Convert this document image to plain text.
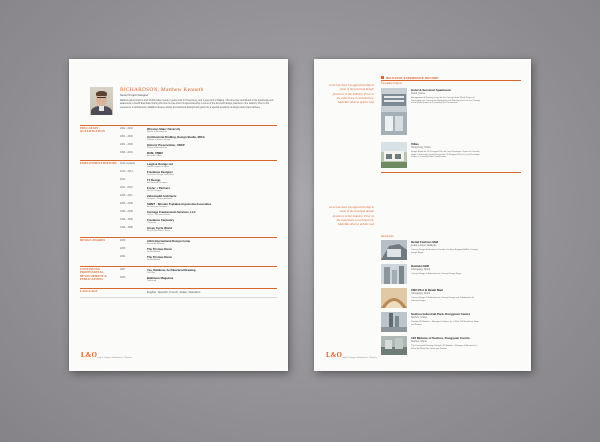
RICHARDSON, Matthew Kenneth
Senior Project Designer
Matthew joined L&O in April of 2014 after nearly 3 years work in Hong Kong, and 1 year prior in Beijing. This time has contributed to his knowledge and awareness in South East Asia. During this time he has done his apprenticeship in some of the foremost design practices in the industry. Prior to his experience in architecture, Matt/Rex diverse artistic and technical background gives him a special sensitivity to design and project delivery.
EDUCATION / QUALIFICATION
2002 - 2004	Wroxton State University
Master of Architecture
2001 - 2003	Architectural Drafting, Design Studio, MICA
College of Interior Design
2001 - 2003	Historic Preservation, UNCP
School of Architecture
1996 - 2001	RAM, UMBC
Bachelor of Arts
EMPLOYMENT HISTORY	2014 onwards	Leigh & Orange Ltd
Senior Project Designer
2013 - 2014	Freelance Designer
Freelance Design Consultant
2013	TJ Design
Architectural Designer
2011 - 2013	Foster + Partners
Senior Designer
2008 - 2011	Zaha Hadid Architects
Designer / Project Architect
2006 - 2008	SWBT - Wooten Tsykalua Argomsma Associates
Architectural Designer
1999 - 2006	Carnage Frankenstein Services, LLC
Owner / Creative Director
1996 - 1999	Freelance Carpentry
Carpenter
1996 - 1998	Green Cycle World
Bicycle Mechanic / Sales
DESIGN AWARDS	2006	AIGA International Design Comp
Honorable Mention
2005	The Thomas Dixon
Finalist Award
2004	The Thomas Dixon
Finalist Award
CONTINUING PROFESSIONAL DEVELOPMENT & PUBLICATIONS
2007	Yes, Rainbow, Architectural Drawing
1st Prize
2006	Baltimore Magazine
Published
LANGUAGE	English, Spanish, French, Italian, Mandarin
L&O Leigh & Orange Ltd. Architects · Planners
RELEVANT EXPERIENCE RECORD
as he has done his apprenticeship in some of the foremost design practices in the industry. Prior to his experience in architecture, Matt/Rex diverse artistic and
Hospitality Projects
Hotel & Serviced Apartment
Seoul, Korea
Management of Planning issues for the Concept of the Whole Project of Proceeding into Construction Management of Planning issues for the Concept of the Whole Project of Proceeding into Construction.
Villas
Hong Kong, China
Design Studio for CD Designed Plan for Local Developer. Project to Currently Under Construction Issued Design Set CD Designed Plan for Local Developer. Project is Currently Under Construction.
as he has done his apprenticeship in some of the foremost design practices in the industry. Prior to his experience in architecture, Matt/Rex diverse artistic and
Residential
Retail Fashion Mall
Kuala Lumpur, Malaysia
Concept Design Evaluation for Facade of a New Shopping Mall for Concept Design Stage.
Daxiabi CBD
Chongqing, China
Concept Design Collaboration for Concept Design Stage.
CBD Plot B Retail Mall
Chongqing, China
Concept Design Collaboration for Concept Design and Collaboration for Concept Design.
Suzhou Industrial Park, Dongyuan Centre
Suzhou, China
Principle 3D Modeler + Manager of Surface for a 200m Tall Mixed Use Tower and Podium.
126 Midsize of Suzhou, Dongyuan Centre
Suzhou, China
The Conceptual Massing: Principle 3D Modeler + Manager of Elevator for a 300m Tall Mixed Use Tower and Podium.
L&O Leigh & Orange Ltd. Architects · Planners
